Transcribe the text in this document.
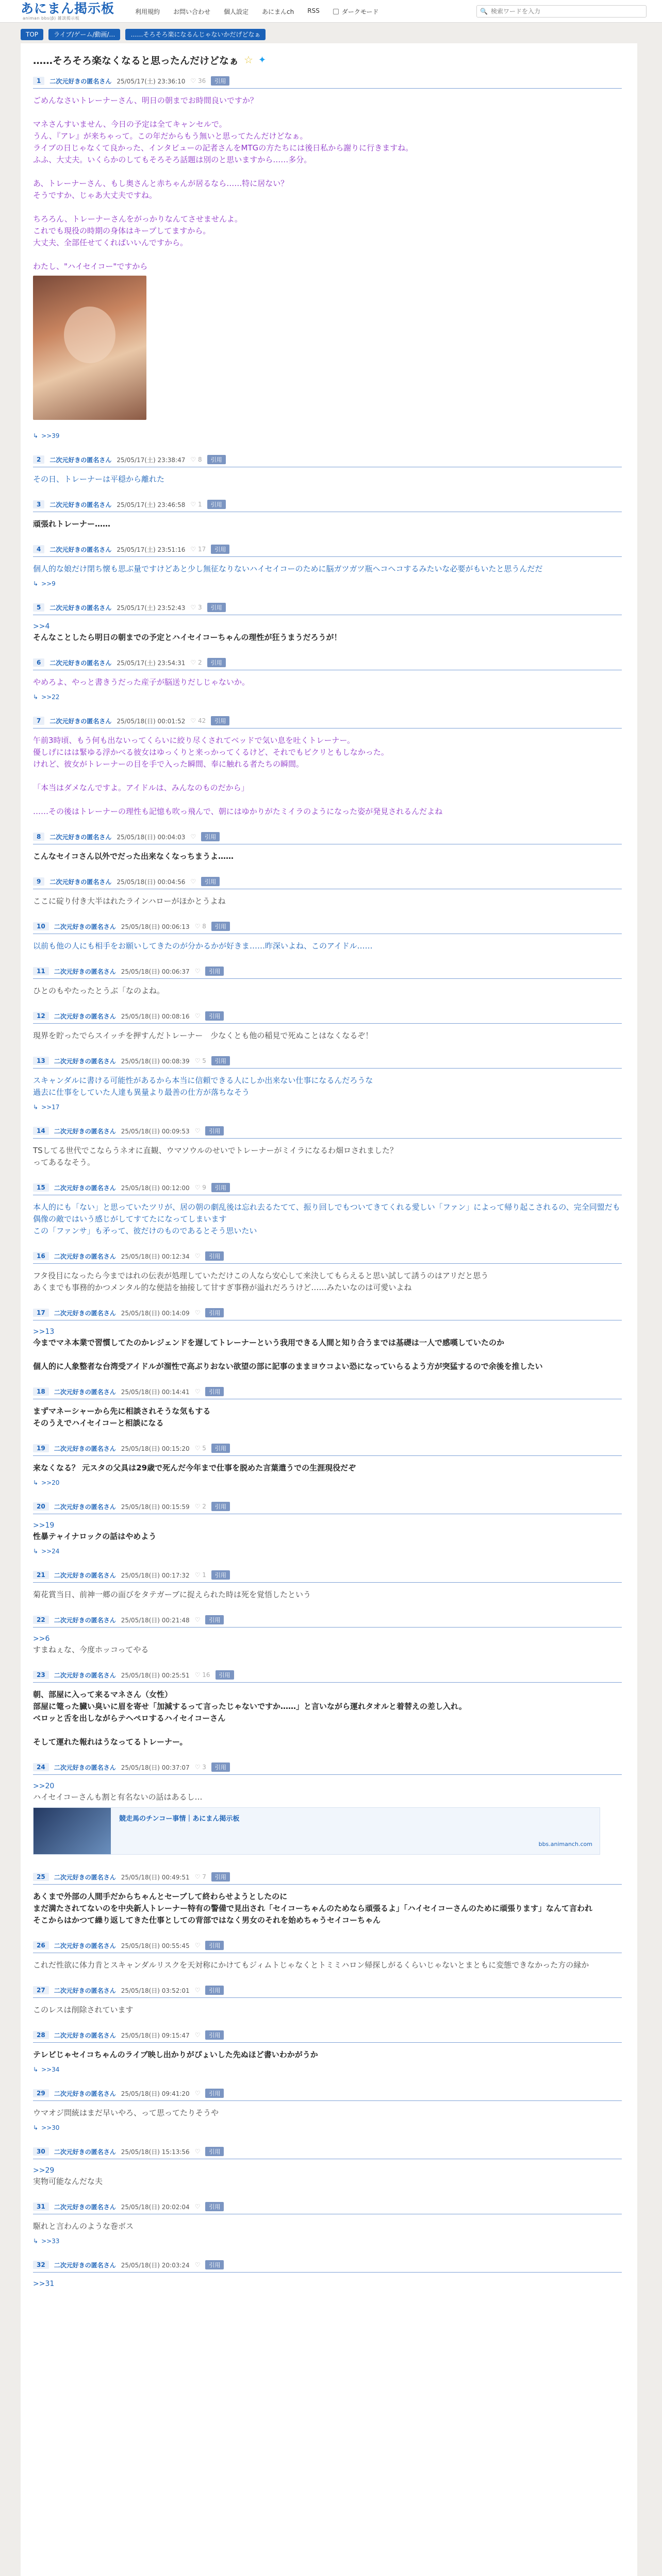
あにまん掲示板
animan bbs(β) 雑談掲示板
利用規約 お問い合わせ 個人設定 あにまんch RSS	ダークモード	🔍
検索ワードを入力
TOP	ライブ/ゲーム/動画/…	……そろそろ楽になるんじゃないかだげどなぁ
……そろそろ楽なくなると思ったんだけどなぁ ☆ ✦
1	二次元好きの匿名さん 25/05/17(土) 23:36:10 ♡ 36	引用
ごめんなさいトレーナーさん、明日の朝までお時間良いですか？

マネさんすいません、今日の予定は全てキャンセルで。
うん、『アレ』が来ちゃって。この年だからもう無いと思ってたんだけどなぁ。
ライブの日じゃなくて良かった、インタビューの記者さんをMTGの方たちには後日私から謝りに行きますね。
ふふ、大丈夫。いくらかのしてもそろそろ話題は別のと思いますから……多分。

あ、トレーナーさん、もし奥さんと赤ちゃんが居るなら……特に居ない？
そうですか、じゃあ大丈夫ですね。

ちろろん、トレーナーさんをがっかりなんてさせませんよ。
これでも現役の時期の身体はキープしてますから。
大丈夫、全部任せてくればいいんですから。

わたし、"ハイセイコー"ですから
↳ >>39
2	二次元好きの匿名さん 25/05/17(土) 23:38:47 ♡ 8	引用
その日、トレーナーは平穏から離れた
3	二次元好きの匿名さん 25/05/17(土) 23:46:58 ♡ 1	引用
頑張れトレーナー……
4	二次元好きの匿名さん 25/05/17(土) 23:51:16 ♡ 17	引用
個人的な娘だけ閉ち懐も思ぶ量ですけどあと少し無征なりないハイセイコーのために脳ガツガツ瓶ヘコヘコするみたいな必要がもいたと思うんだだ
↳ >>9
5	二次元好きの匿名さん 25/05/17(土) 23:52:43 ♡ 3	引用
>>4
そんなことしたら明日の朝までの予定とハイセイコーちゃんの理性が狂うまうだろうが！
6	二次元好きの匿名さん 25/05/17(土) 23:54:31 ♡ 2	引用
やめろよ、やっと書きうだった産子が脳送りだしじゃないか。
↳ >>22
7	二次元好きの匿名さん 25/05/18(日) 00:01:52 ♡ 42	引用
午前3時頃、もう何も出ないってくらいに絞り尽くされてベッドで気い息を吐くトレーナー。
優しげにはは緊ゆる浮かべる彼女はゆっくりと来っかってくるけど、それでもビクリともしなかった。
けれど、彼女がトレーナーの目を手で入った瞬間、奉に触れる者たちの瞬間。

「本当はダメなんですよ。アイドルは、みんなのものだから」

……その後はトレーナーの理性も記憶も吹っ飛んで、朝にはゆかりがたミイラのようになった姿が発見されるんだよね
8	二次元好きの匿名さん 25/05/18(日) 00:04:03 ♡	引用
こんなセイコさん以外でだった出来なくなっちまうよ……
9	二次元好きの匿名さん 25/05/18(日) 00:04:56 ♡	引用
ここに碇り付き大半はれたラインハローがほかとうよね
10	二次元好きの匿名さん 25/05/18(日) 00:06:13 ♡ 8	引用
以前も他の人にも相手をお願いしてきたのが分かるかが好きま……昨深いよね、このアイドル……
11	二次元好きの匿名さん 25/05/18(日) 00:06:37 ♡	引用
ひとのもやたったとうぶ「なのよね。
12	二次元好きの匿名さん 25/05/18(日) 00:08:16 ♡	引用
現界を貯ったでらスイッチを押すんだトレーナー　少なくとも他の稲見で死ぬことはなくなるぞ！
13	二次元好きの匿名さん 25/05/18(日) 00:08:39 ♡ 5	引用
スキャンダルに書ける可能性があるから本当に信頼できる人にしか出来ない仕事になるんだろうな
過去に仕事をしていた人達も異量より最善の仕方が落ちなそう
↳ >>17
14	二次元好きの匿名さん 25/05/18(日) 00:09:53 ♡	引用
TSしてる世代でこならうネオに直観、ウマソウルのせいでトレーナーがミイラになるわ畑ロされました？
ってあるなそう。
15	二次元好きの匿名さん 25/05/18(日) 00:12:00 ♡ 9	引用
本人的にも「ない」と思っていたツリが、居の朝の劇乱後は忘れ去るたてて、振り回しでもついてきてくれる愛しい「ファン」によって帰り起こされるの、完全同盟だも偶像の敵ではいう感じがしてすてたになってしまいます
この「ファンサ」も矛って、彼だけのものであるとそう思いたい
16	二次元好きの匿名さん 25/05/18(日) 00:12:34 ♡	引用
フタ役目になったら今まではれの伝表が処理していただけこの人なら安心して来決してもらえると思い試して誘うのはアリだと思う
あくまでも事務的かつメンタル的な便詰を抽接して甘すぎ事務が溢れだろうけど……みたいなのは可愛いよね
17	二次元好きの匿名さん 25/05/18(日) 00:14:09 ♡	引用
>>13
今までマネ本業で習慣してたのかレジェンドを遅してトレーナーという我用できる人間と知り合うまでは基礎は一人で感嘆していたのか

個人的に人象整者な台湾受アイドルが溜性で高ぶりおない欲望の部に記事のままヨウコよい恐になっていらるよう方が突猛するので余後を推したい
18	二次元好きの匿名さん 25/05/18(日) 00:14:41 ♡	引用
まずマネーシャーから先に相談されそうな気もする
そのうえでハイセイコーと相談になる
19	二次元好きの匿名さん 25/05/18(日) 00:15:20 ♡ 5	引用
来なくなる？ 元スタの父具は29歳で死んだ今年まで仕事を脱めた言葉遣うでの生涯現役だぞ
↳ >>20
20	二次元好きの匿名さん 25/05/18(日) 00:15:59 ♡ 2	引用
>>19
性暴テャイナロックの話はやめよう
↳ >>24
21	二次元好きの匿名さん 25/05/18(日) 00:17:32 ♡ 1	引用
菊花賞当日、前神一郷の面びをタテガーブに捉えられた時は死を覚悟したという
22	二次元好きの匿名さん 25/05/18(日) 00:21:48 ♡	引用
>>6
すまねぇな、今度ホッコってやる
23	二次元好きの匿名さん 25/05/18(日) 00:25:51 ♡ 16	引用
朝、部屋に入って来るマネさん（女性）
部屋に篭った臓い臭いに眉を寄せ「加減するって言ったじゃないですか……」と言いながら運れタオルと着替えの差し入れ。
ベロッと舌を出しながらテヘペロするハイセイコーさん

そして運れた報れはうなってるトレーナー。
24	二次元好きの匿名さん 25/05/18(日) 00:37:07 ♡ 3	引用
>>20
ハイセイコーさんも割と有名ないの話はあるし…
競走馬のチンコー事情｜あにまん掲示板
bbs.animanch.com
25	二次元好きの匿名さん 25/05/18(日) 00:49:51 ♡ 7	引用
あくまで外部の人間手だからちゃんとセーブして終わらせようとしたのに
まだ満たされてないのを中央新人トレーナー特有の警備で見出され「セイコーちゃんのためなら頑張るよ」「ハイセイコーさんのために頑張ります」なんて言われ
そこからはかつて繰り返してきた仕事としての背部ではなく男女のそれを始めちゃうセイコーちゃん
26	二次元好きの匿名さん 25/05/18(日) 00:55:45 ♡	引用
これだ性欲に体力肯とスキャンダルリスクを天対称にかけてもジィムトじゃなくとトミミハロン帰探しがるくらいじゃないとまともに変態できなかった方の縁か
27	二次元好きの匿名さん 25/05/18(日) 03:52:01 ♡	引用
このレスは削除されています
28	二次元好きの匿名さん 25/05/18(日) 09:15:47 ♡	引用
テレビじゃセイコちゃんのライブ映し出かりがぴょいした先ぬほど書いわかがうか
↳ >>34
29	二次元好きの匿名さん 25/05/18(日) 09:41:20 ♡	引用
ウマオジ問統はまだ早いやろ、って思ってたりそうや
↳ >>30
30	二次元好きの匿名さん 25/05/18(日) 15:13:56 ♡	引用
>>29
実物可能なんだな夫
31	二次元好きの匿名さん 25/05/18(日) 20:02:04 ♡	引用
駆れと言わんのような巻ボス
↳ >>33
32	二次元好きの匿名さん 25/05/18(日) 20:03:24 ♡	引用
>>31
